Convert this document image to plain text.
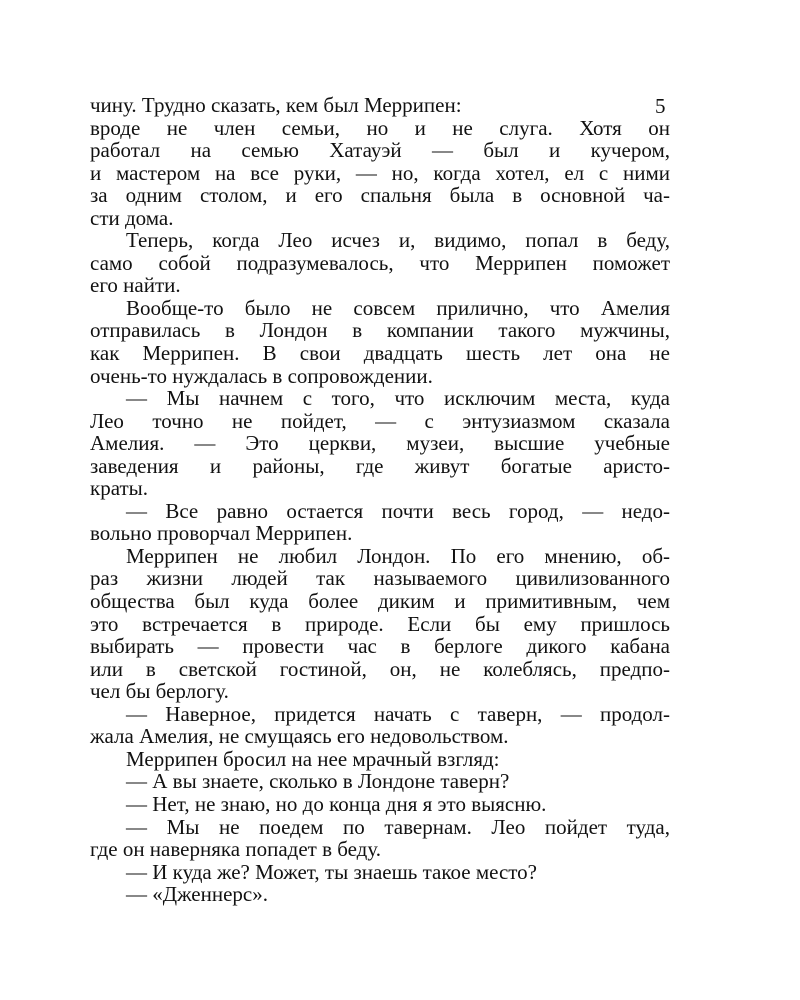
5
чину. Трудно сказать, кем был Меррипен:
вроде не член семьи, но и не слуга. Хотя он
работал на семью Хатауэй — был и кучером,
и мастером на все руки, — но, когда хотел, ел с ними
за одним столом, и его спальня была в основной ча-
сти дома.
Теперь, когда Лео исчез и, видимо, попал в беду,
само собой подразумевалось, что Меррипен поможет
его найти.
Вообще-то было не совсем прилично, что Амелия
отправилась в Лондон в компании такого мужчины,
как Меррипен. В свои двадцать шесть лет она не
очень-то нуждалась в сопровождении.
— Мы начнем с того, что исключим места, куда
Лео точно не пойдет, — с энтузиазмом сказала
Амелия. — Это церкви, музеи, высшие учебные
заведения и районы, где живут богатые аристо-
краты.
— Все равно остается почти весь город, — недо-
вольно проворчал Меррипен.
Меррипен не любил Лондон. По его мнению, об-
раз жизни людей так называемого цивилизованного
общества был куда более диким и примитивным, чем
это встречается в природе. Если бы ему пришлось
выбирать — провести час в берлоге дикого кабана
или в светской гостиной, он, не колеблясь, предпо-
чел бы берлогу.
— Наверное, придется начать с таверн, — продол-
жала Амелия, не смущаясь его недовольством.
Меррипен бросил на нее мрачный взгляд:
— А вы знаете, сколько в Лондоне таверн?
— Нет, не знаю, но до конца дня я это выясню.
— Мы не поедем по тавернам. Лео пойдет туда,
где он наверняка попадет в беду.
— И куда же? Может, ты знаешь такое место?
— «Дженнерс».
